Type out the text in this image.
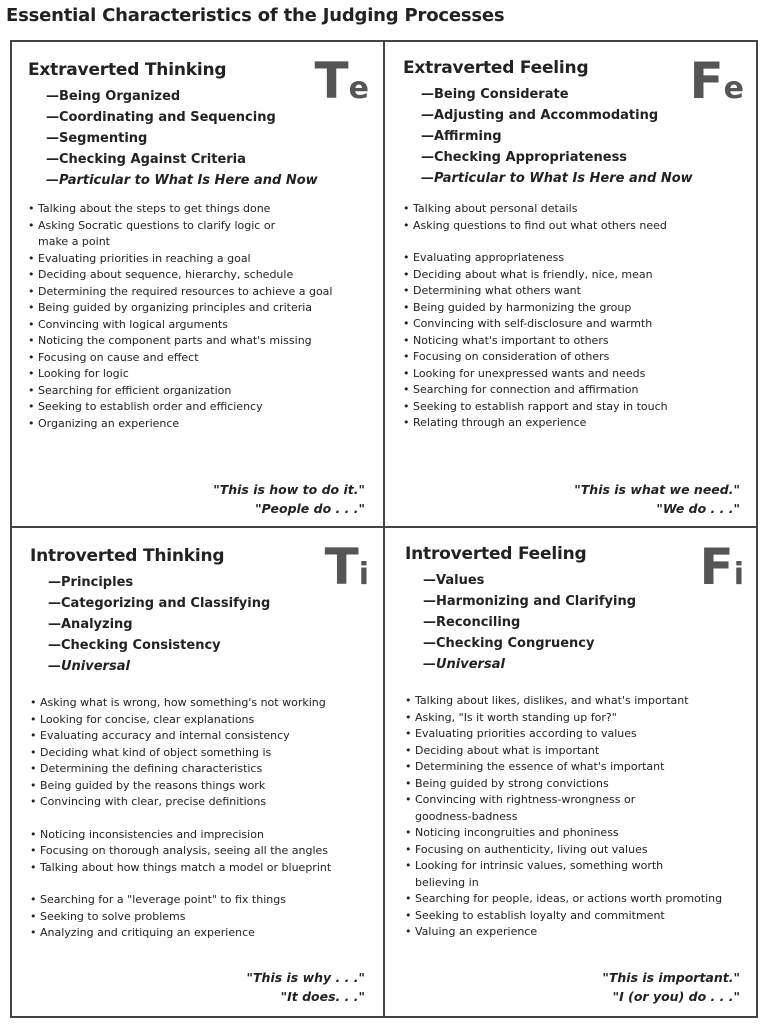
Essential Characteristics of the Judging Processes
Extraverted Thinking	Te
—Being Organized
—Coordinating and Sequencing
—Segmenting
—Checking Against Criteria
—Particular to What Is Here and Now
• Talking about the steps to get things done
• Asking Socratic questions to clarify logic or make a point
• Evaluating priorities in reaching a goal
• Deciding about sequence, hierarchy, schedule
• Determining the required resources to achieve a goal
• Being guided by organizing principles and criteria
• Convincing with logical arguments
• Noticing the component parts and what's missing
• Focusing on cause and effect
• Looking for logic
• Searching for efficient organization
• Seeking to establish order and efficiency
• Organizing an experience
"This is how to do it."
"People do . . ."
Extraverted Feeling	Fe
—Being Considerate
—Adjusting and Accommodating
—Affirming
—Checking Appropriateness
—Particular to What Is Here and Now
• Talking about personal details
• Asking questions to find out what others need
• Evaluating appropriateness
• Deciding about what is friendly, nice, mean
• Determining what others want
• Being guided by harmonizing the group
• Convincing with self-disclosure and warmth
• Noticing what's important to others
• Focusing on consideration of others
• Looking for unexpressed wants and needs
• Searching for connection and affirmation
• Seeking to establish rapport and stay in touch
• Relating through an experience
"This is what we need."
"We do . . ."
Introverted Thinking	Ti
—Principles
—Categorizing and Classifying
—Analyzing
—Checking Consistency
—Universal
• Asking what is wrong, how something's not working
• Looking for concise, clear explanations
• Evaluating accuracy and internal consistency
• Deciding what kind of object something is
• Determining the defining characteristics
• Being guided by the reasons things work
• Convincing with clear, precise definitions
• Noticing inconsistencies and imprecision
• Focusing on thorough analysis, seeing all the angles
• Talking about how things match a model or blueprint
• Searching for a "leverage point" to fix things
• Seeking to solve problems
• Analyzing and critiquing an experience
"This is why . . ."
"It does. . ."
Introverted Feeling	Fi
—Values
—Harmonizing and Clarifying
—Reconciling
—Checking Congruency
—Universal
• Talking about likes, dislikes, and what's important
• Asking, "Is it worth standing up for?"
• Evaluating priorities according to values
• Deciding about what is important
• Determining the essence of what's important
• Being guided by strong convictions
• Convincing with rightness-wrongness or goodness-badness
• Noticing incongruities and phoniness
• Focusing on authenticity, living out values
• Looking for intrinsic values, something worth believing in
• Searching for people, ideas, or actions worth promoting
• Seeking to establish loyalty and commitment
• Valuing an experience
"This is important."
"I (or you) do . . ."
